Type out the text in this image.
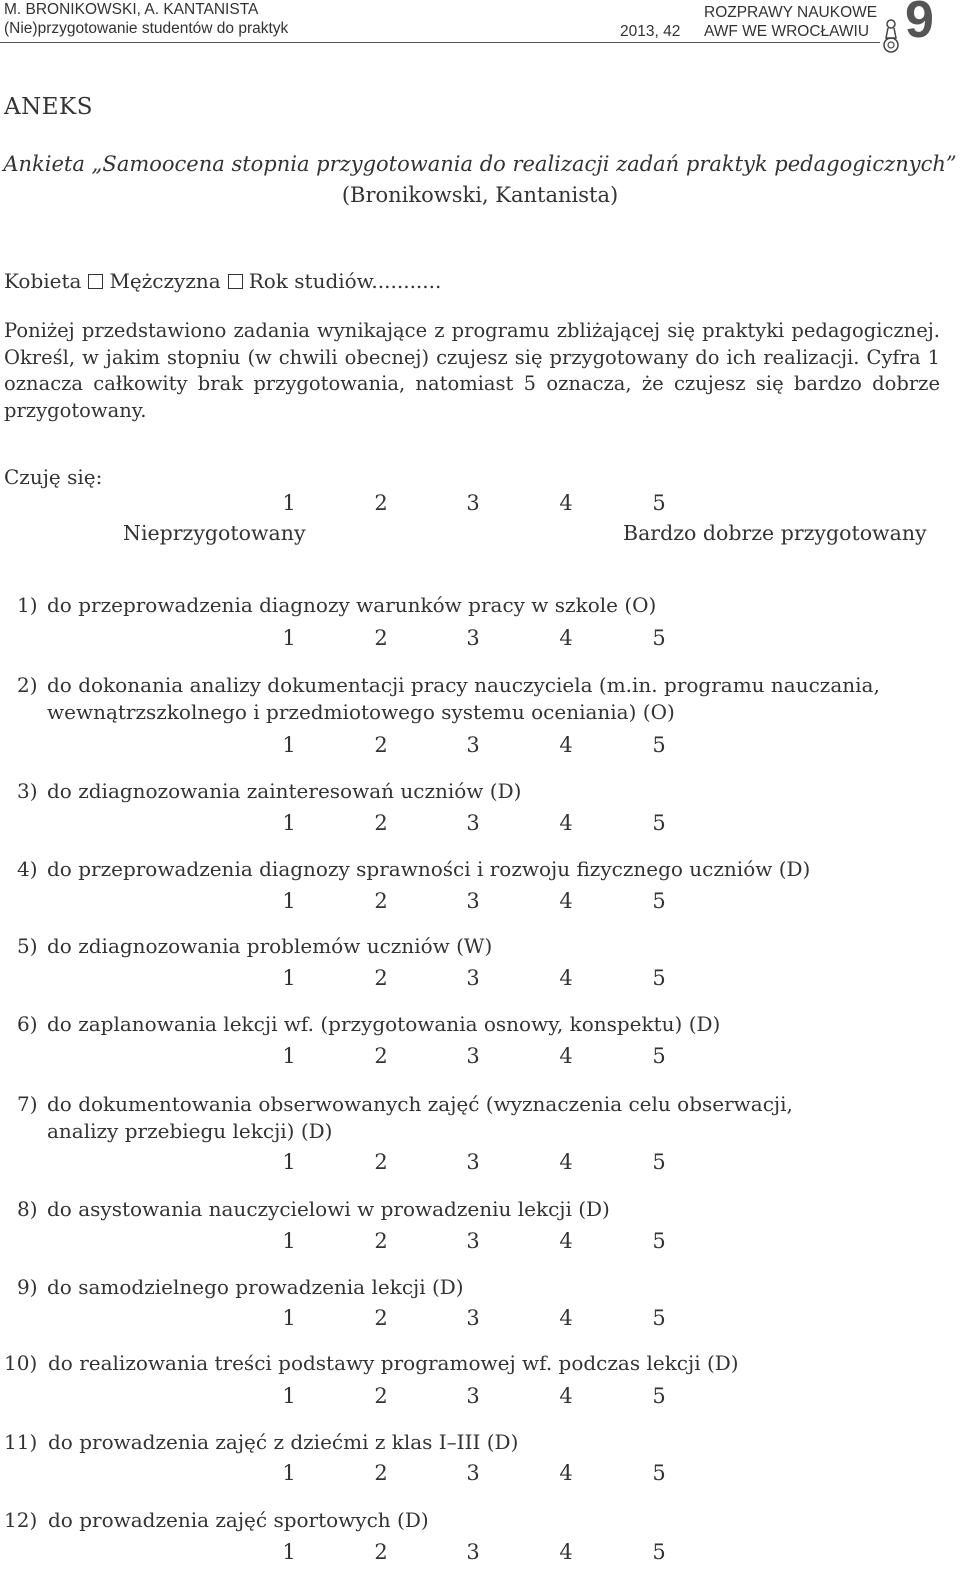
M. BRONIKOWSKI, A. KANTANISTA
(Nie)przygotowanie studentów do praktyk	2013, 42
ROZPRAWY NAUKOWE
AWF WE WROCŁAWIU 9
ANEKS
Ankieta „Samoocena stopnia przygotowania do realizacji zadań praktyk pedagogicznych”
(Bronikowski, Kantanista)
Kobieta Mężczyzna Rok studiów...........
Poniżej przedstawiono zadania wynikające z programu zbliżającej się praktyki pedagogicznej. Określ, w jakim stopniu (w chwili obecnej) czujesz się przygotowany do ich realizacji. Cyfra 1 oznacza całkowity brak przygotowania, natomiast 5 oznacza, że czujesz się bardzo dobrze przygotowany.
Czuję się:
1	2	3	4	5
Nieprzygotowany	Bardzo dobrze przygotowany
1) do przeprowadzenia diagnozy warunków pracy w szkole (O)
1	2	3	4	5
2) do dokonania analizy dokumentacji pracy nauczyciela (m.in. programu nauczania,
wewnątrzszkolnego i przedmiotowego systemu oceniania) (O)
1	2	3	4	5
3) do zdiagnozowania zainteresowań uczniów (D)
1	2	3	4	5
4) do przeprowadzenia diagnozy sprawności i rozwoju fizycznego uczniów (D)
1	2	3	4	5
5) do zdiagnozowania problemów uczniów (W)
1	2	3	4	5
6) do zaplanowania lekcji wf. (przygotowania osnowy, konspektu) (D)
1	2	3	4	5
7) do dokumentowania obserwowanych zajęć (wyznaczenia celu obserwacji,
analizy przebiegu lekcji) (D)
1	2	3	4	5
8) do asystowania nauczycielowi w prowadzeniu lekcji (D)
1	2	3	4	5
9) do samodzielnego prowadzenia lekcji (D)
1	2	3	4	5
10) do realizowania treści podstawy programowej wf. podczas lekcji (D)
1	2	3	4	5
11) do prowadzenia zajęć z dziećmi z klas I–III (D)
1	2	3	4	5
12) do prowadzenia zajęć sportowych (D)
1	2	3	4	5
